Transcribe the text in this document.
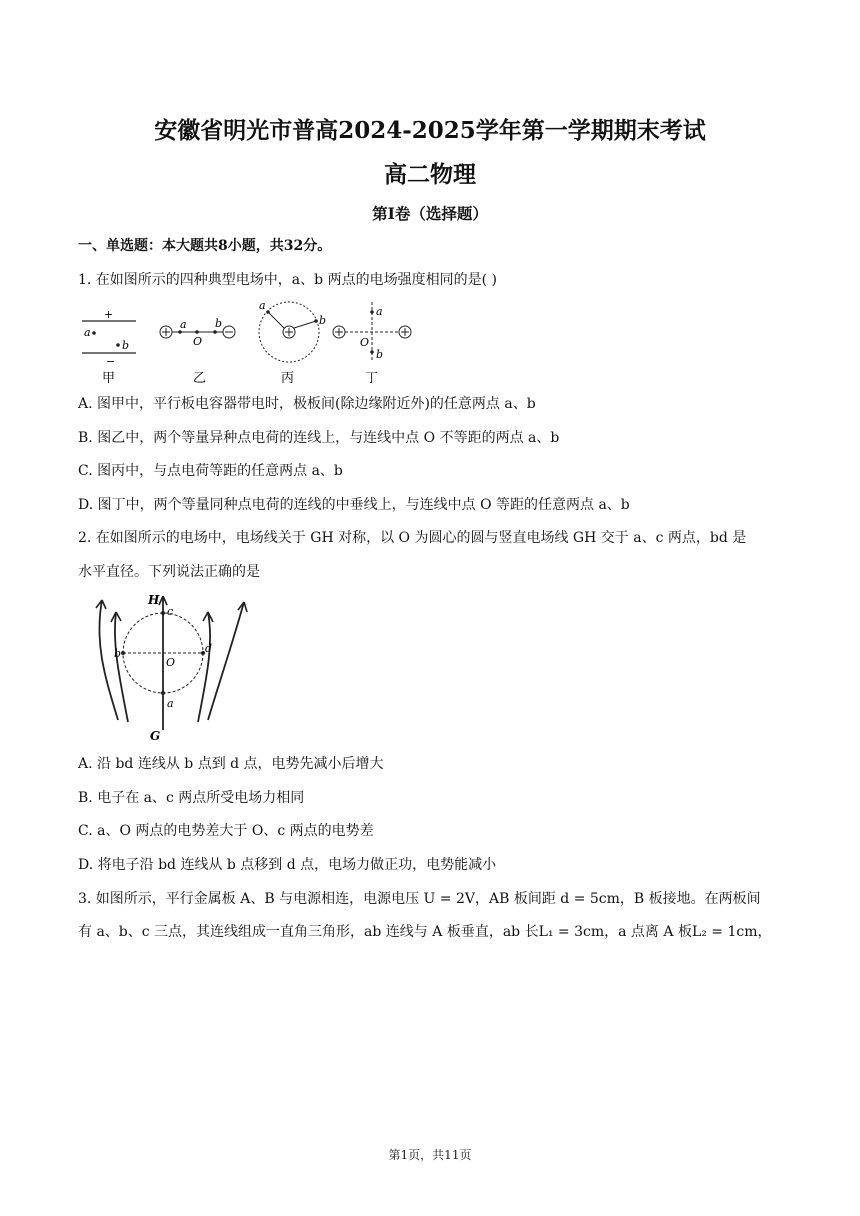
安徽省明光市普高2024-2025学年第一学期期末考试
高二物理
第I卷（选择题）
一、单选题：本大题共8小题，共32分。
1. 在如图所示的四种典型电场中，a、b 两点的电场强度相同的是( )
+
a
b
−
甲
a
O
b
乙
a
b
丙
a
O
b
丁
A. 图甲中，平行板电容器带电时，极板间(除边缘附近外)的任意两点 a、b
B. 图乙中，两个等量异种点电荷的连线上，与连线中点 O 不等距的两点 a、b
C. 图丙中，与点电荷等距的任意两点 a、b
D. 图丁中，两个等量同种点电荷的连线的中垂线上，与连线中点 O 等距的任意两点 a、b
2. 在如图所示的电场中，电场线关于 GH 对称，以 O 为圆心的圆与竖直电场线 GH 交于 a、c 两点，bd 是
水平直径。下列说法正确的是
H
c
b
O
d
a
G
A. 沿 bd 连线从 b 点到 d 点，电势先减小后增大
B. 电子在 a、c 两点所受电场力相同
C. a、O 两点的电势差大于 O、c 两点的电势差
D. 将电子沿 bd 连线从 b 点移到 d 点，电场力做正功，电势能减小
3. 如图所示，平行金属板 A、B 与电源相连，电源电压 U = 2V，AB 板间距 d = 5cm，B 板接地。在两板间
有 a、b、c 三点，其连线组成一直角三角形，ab 连线与 A 板垂直，ab 长L₁ = 3cm，a 点离 A 板L₂ = 1cm，
第1页，共11页
